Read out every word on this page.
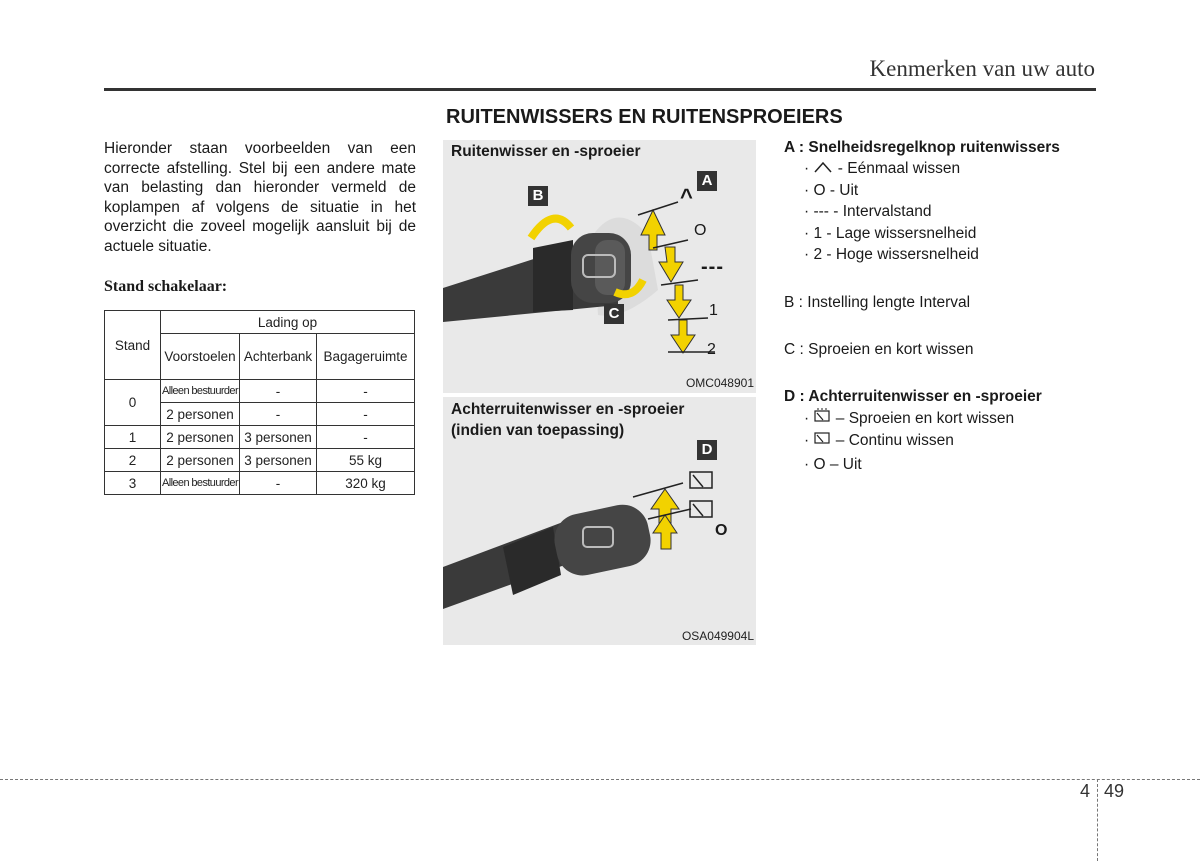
Kenmerken van uw auto
RUITENWISSERS EN RUITENSPROEIERS
Hieronder staan voorbeelden van een correcte afstelling. Stel bij een andere mate van belasting dan hieronder vermeld de koplampen af volgens de situatie in het overzicht die zoveel mogelijk aansluit bij de actuele situatie.
Stand schakelaar:
Stand	Lading op		
	Voorstoelen	Achterbank	Bagageruimte
0	Alleen bestuurder	-	-
	2 personen	-	-
1	2 personen	3 personen	-
2	2 personen	3 personen	55 kg
3	Alleen bestuurder	-	320 kg
Ruitenwisser en -sproeier
B
A
C
^
O
---
1
2
OMC048901
Achterruitenwisser en -sproeier
(indien van toepassing)
D
O
OSA049904L
A : Snelheidsregelknop ruitenwissers
·  - Eénmaal wissen
· O - Uit
· --- - Intervalstand
· 1 - Lage wissersnelheid
· 2 - Hoge wissersnelheid
B : Instelling lengte Interval
C : Sproeien en kort wissen
D : Achterruitenwisser en -sproeier
·  – Sproeien en kort wissen
·  – Continu wissen
· O – Uit
4 49
